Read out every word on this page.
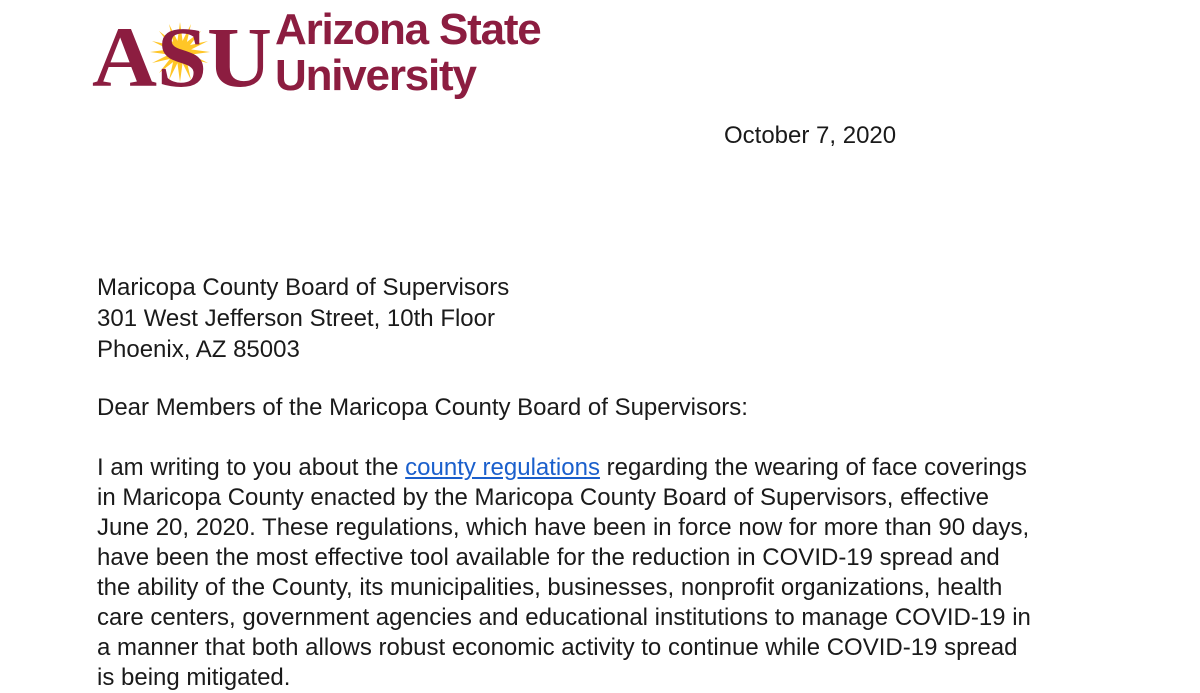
ASU Arizona State
University
October 7, 2020
Maricopa County Board of Supervisors
301 West Jefferson Street, 10th Floor
Phoenix, AZ 85003
Dear Members of the Maricopa County Board of Supervisors:
I am writing to you about the county regulations regarding the wearing of face coverings
in Maricopa County enacted by the Maricopa County Board of Supervisors, effective
June 20, 2020. These regulations, which have been in force now for more than 90 days,
have been the most effective tool available for the reduction in COVID-19 spread and
the ability of the County, its municipalities, businesses, nonprofit organizations, health
care centers, government agencies and educational institutions to manage COVID-19 in
a manner that both allows robust economic activity to continue while COVID-19 spread
is being mitigated.
